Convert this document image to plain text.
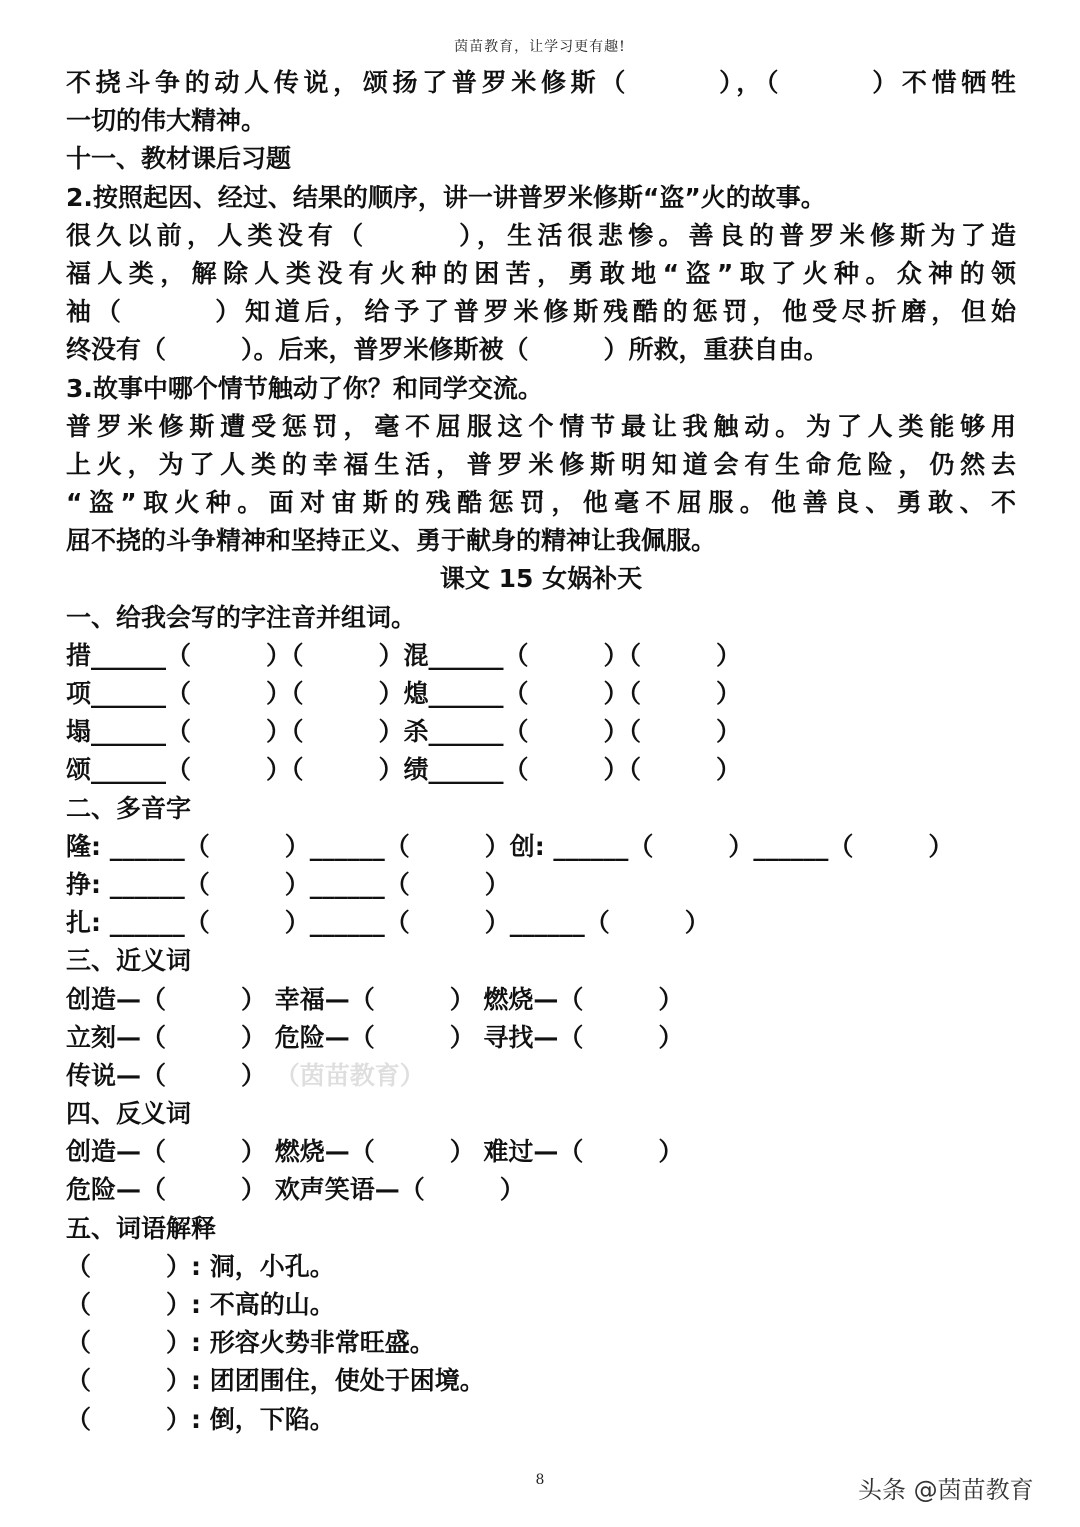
茵苗教育，让学习更有趣!
不挠斗争的动人传说，颂扬了普罗米修斯（　　　），（　　　）不惜牺牲
一切的伟大精神。
十一、教材课后习题
2.按照起因、经过、结果的顺序，讲一讲普罗米修斯“盗”火的故事。
很久以前，人类没有（　　　），生活很悲惨。善良的普罗米修斯为了造
福人类，解除人类没有火种的困苦，勇敢地“盗”取了火种。众神的领
袖（　　　）知道后，给予了普罗米修斯残酷的惩罚，他受尽折磨，但始
终没有（　　　）。后来，普罗米修斯被（　　　）所救，重获自由。
3.故事中哪个情节触动了你？和同学交流。
普罗米修斯遭受惩罚，毫不屈服这个情节最让我触动。为了人类能够用
上火，为了人类的幸福生活，普罗米修斯明知道会有生命危险，仍然去
“盗”取火种。面对宙斯的残酷惩罚，他毫不屈服。他善良、勇敢、不
屈不挠的斗争精神和坚持正义、勇于献身的精神让我佩服。
课文 15 女娲补天
一、给我会写的字注音并组词。
措______（　　　）（　　　）混______（　　　）（　　　）
项______（　　　）（　　　）熄______（　　　）（　　　）
塌______（　　　）（　　　）杀______（　　　）（　　　）
颂______（　　　）（　　　）绩______（　　　）（　　　）
二、多音字
隆: ______（　　　）______（　　　）创: ______（　　　）______（　　　）
挣: ______（　　　）______（　　　）
扎: ______（　　　）______（　　　）______（　　　）
三、近义词
创造—（　　　） 幸福—（　　　） 燃烧—（　　　）
立刻—（　　　） 危险—（　　　） 寻找—（　　　）
传说—（　　　） （茵苗教育）
四、反义词
创造—（　　　） 燃烧—（　　　） 难过—（　　　）
危险—（　　　） 欢声笑语—（　　　）
五、词语解释
（　　　）: 洞，小孔。
（　　　）: 不高的山。
（　　　）: 形容火势非常旺盛。
（　　　）: 团团围住，使处于困境。
（　　　）: 倒，下陷。
8	头条 @茵苗教育
